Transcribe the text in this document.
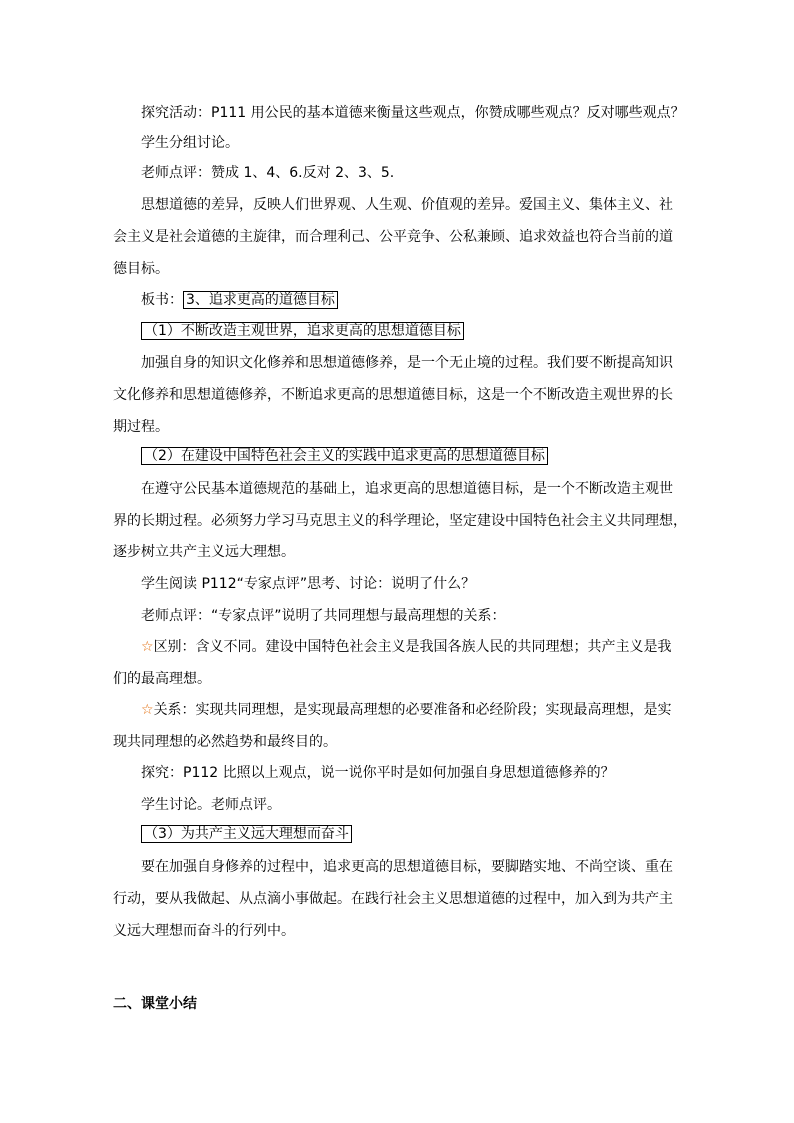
探究活动：P111 用公民的基本道德来衡量这些观点，你赞成哪些观点？反对哪些观点？
学生分组讨论。
老师点评：赞成 1、4、6.反对 2、3、5.
思想道德的差异，反映人们世界观、人生观、价值观的差异。爱国主义、集体主义、社
会主义是社会道德的主旋律，而合理利己、公平竞争、公私兼顾、追求效益也符合当前的道
德目标。
板书： 3、追求更高的道德目标
（1）不断改造主观世界，追求更高的思想道德目标
加强自身的知识文化修养和思想道德修养，是一个无止境的过程。我们要不断提高知识
文化修养和思想道德修养，不断追求更高的思想道德目标，这是一个不断改造主观世界的长
期过程。
（2）在建设中国特色社会主义的实践中追求更高的思想道德目标
在遵守公民基本道德规范的基础上，追求更高的思想道德目标，是一个不断改造主观世
界的长期过程。必须努力学习马克思主义的科学理论，坚定建设中国特色社会主义共同理想，
逐步树立共产主义远大理想。
学生阅读 P112“专家点评”思考、讨论：说明了什么？
老师点评：“专家点评”说明了共同理想与最高理想的关系：
☆区别：含义不同。建设中国特色社会主义是我国各族人民的共同理想；共产主义是我
们的最高理想。
☆关系：实现共同理想，是实现最高理想的必要准备和必经阶段；实现最高理想，是实
现共同理想的必然趋势和最终目的。
探究：P112 比照以上观点，说一说你平时是如何加强自身思想道德修养的？
学生讨论。老师点评。
（3）为共产主义远大理想而奋斗
要在加强自身修养的过程中，追求更高的思想道德目标，要脚踏实地、不尚空谈、重在
行动，要从我做起、从点滴小事做起。在践行社会主义思想道德的过程中，加入到为共产主
义远大理想而奋斗的行列中。
二、课堂小结
